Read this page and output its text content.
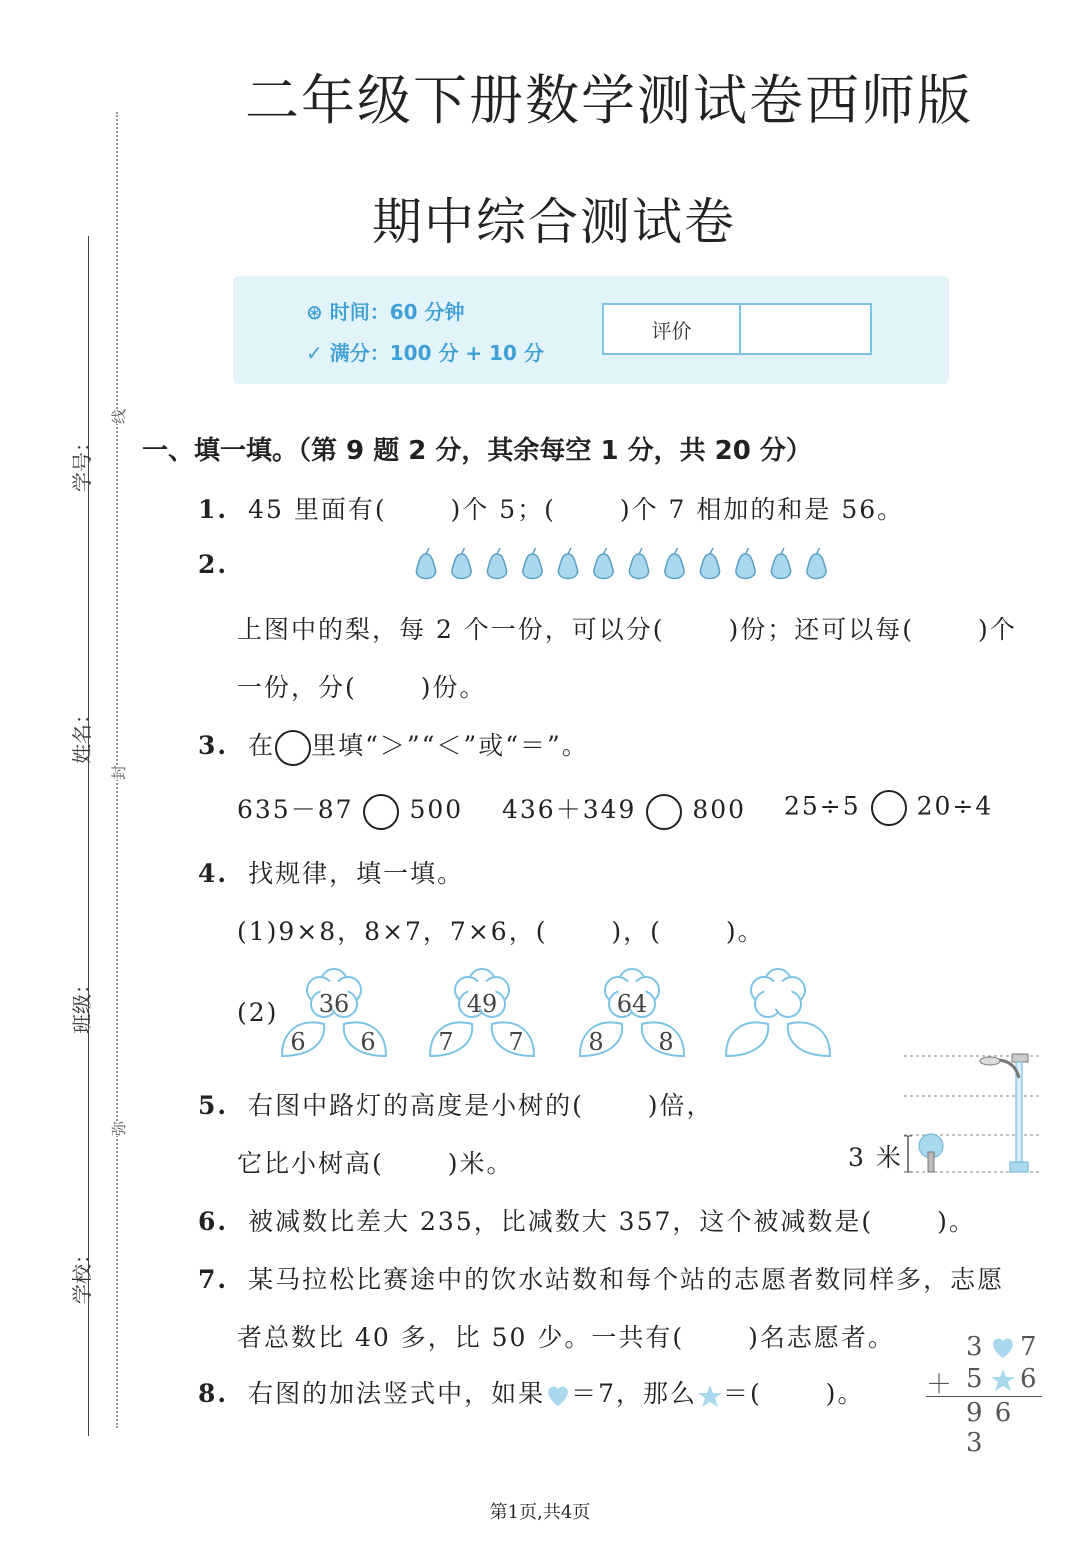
学号：
姓名：
班级：
学校：
线
封
弥
二年级下册数学测试卷西师版
期中综合测试卷
⊛ 时间：60 分钟
✓ 满分：100 分 + 10 分
评价
一、填一填。（第 9 题 2 分，其余每空 1 分，共 20 分）
1. 45 里面有(　　 )个 5；(　　 )个 7 相加的和是 56。
2.
上图中的梨，每 2 个一份，可以分(　　 )份；还可以每(　　 )个
一份，分(　　 )份。
3. 在 里填“＞”“＜”或“＝”。
635－87 500 436＋349 800 25÷5 20÷4
4. 找规律，填一填。
(1)9×8，8×7，7×6，(　　 )，(　　 )。
(2) 36
6 6
49
7 7
64
8 8
5. 右图中路灯的高度是小树的(　　 )倍，
它比小树高(　　 )米。	3 米
6. 被减数比差大 235，比减数大 357，这个被减数是(　　 )。
7. 某马拉松比赛途中的饮水站数和每个站的志愿者数同样多，志愿
者总数比 40 多，比 50 少。一共有(　　 )名志愿者。
8. 右图的加法竖式中，如果 ＝7，那么 ＝(　　 )。
3 7
＋ 5 6
9 6 3
第1页,共4页
